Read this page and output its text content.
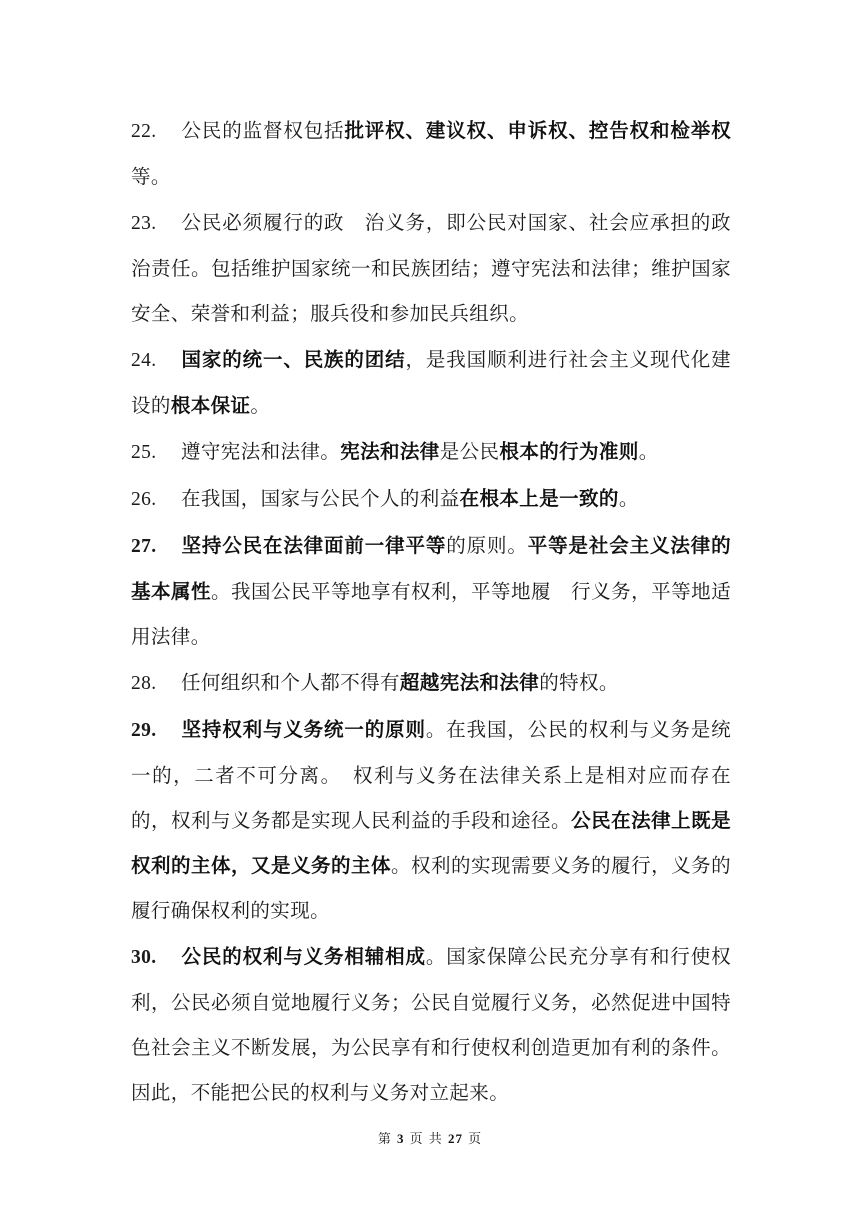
22. 公民的监督权包括批评权、建议权、申诉权、控告权和检举权等。

23. 公民必须履行的政　治义务，即公民对国家、社会应承担的政治责任。包括维护国家统一和民族团结；遵守宪法和法律；维护国家安全、荣誉和利益；服兵役和参加民兵组织。

24. 国家的统一、民族的团结，是我国顺利进行社会主义现代化建设的根本保证。

25. 遵守宪法和法律。宪法和法律是公民根本的行为准则。

26. 在我国，国家与公民个人的利益在根本上是一致的。

27. 坚持公民在法律面前一律平等的原则。平等是社会主义法律的基本属性。我国公民平等地享有权利，平等地履　行义务，平等地适用法律。

28. 任何组织和个人都不得有超越宪法和法律的特权。

29. 坚持权利与义务统一的原则。在我国，公民的权利与义务是统一的，二者不可分离。　权利与义务在法律关系上是相对应而存在的，权利与义务都是实现人民利益的手段和途径。公民在法律上既是权利的主体，又是义务的主体。权利的实现需要义务的履行，义务的履行确保权利的实现。

30. 公民的权利与义务相辅相成。国家保障公民充分享有和行使权利，公民必须自觉地履行义务；公民自觉履行义务，必然促进中国特色社会主义不断发展，为公民享有和行使权利创造更加有利的条件。因此，不能把公民的权利与义务对立起来。

第 3 页 共 27 页
